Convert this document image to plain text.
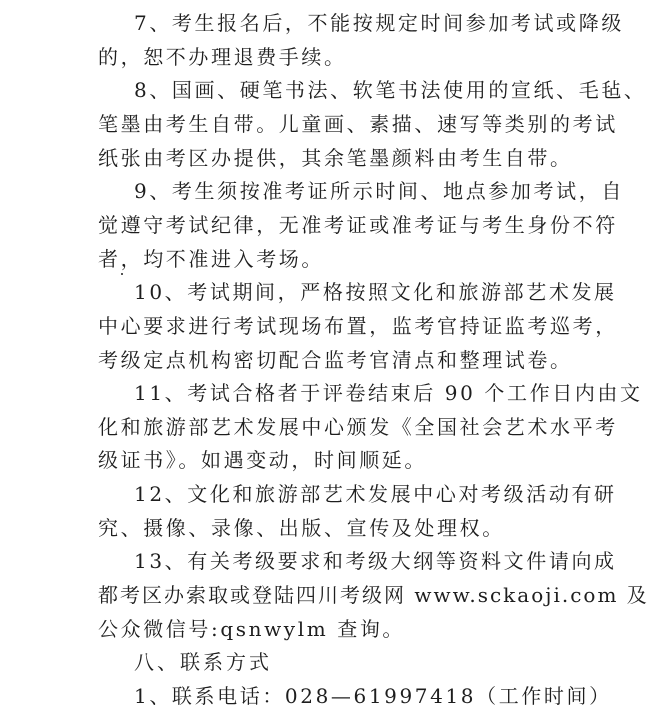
7、考生报名后，不能按规定时间参加考试或降级
的，恕不办理退费手续。
8、国画、硬笔书法、软笔书法使用的宣纸、毛毡、
笔墨由考生自带。儿童画、素描、速写等类别的考试
纸张由考区办提供，其余笔墨颜料由考生自带。
9、考生须按准考证所示时间、地点参加考试，自
觉遵守考试纪律，无准考证或准考证与考生身份不符
者，均不准进入考场。
10、考试期间，严格按照文化和旅游部艺术发展
中心要求进行考试现场布置，监考官持证监考巡考，
考级定点机构密切配合监考官清点和整理试卷。
11、考试合格者于评卷结束后 90 个工作日内由文
化和旅游部艺术发展中心颁发《全国社会艺术水平考
级证书》。如遇变动，时间顺延。
12、文化和旅游部艺术发展中心对考级活动有研
究、摄像、录像、出版、宣传及处理权。
13、有关考级要求和考级大纲等资料文件请向成
都考区办索取或登陆四川考级网 www.sckaoji.com 及
公众微信号:qsnwylm 查询。
八、联系方式
1、联系电话：028—61997418（工作时间）
